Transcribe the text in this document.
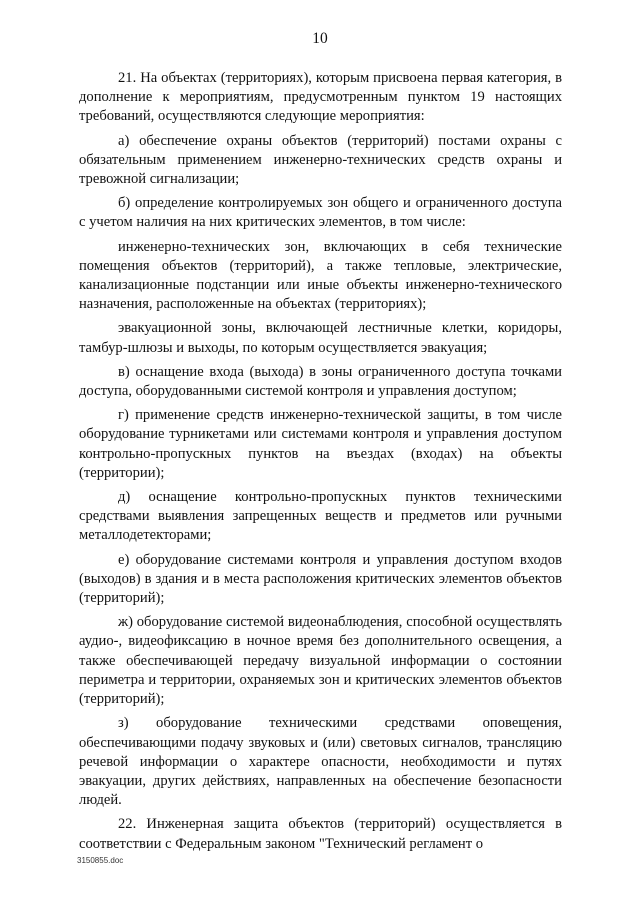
10

21. На объектах (территориях), которым присвоена первая категория, в дополнение к мероприятиям, предусмотренным пунктом 19 настоящих требований, осуществляются следующие мероприятия:

а) обеспечение охраны объектов (территорий) постами охраны с обязательным применением инженерно-технических средств охраны и тревожной сигнализации;

б) определение контролируемых зон общего и ограниченного доступа с учетом наличия на них критических элементов, в том числе:

инженерно-технических зон, включающих в себя технические помещения объектов (территорий), а также тепловые, электрические, канализационные подстанции или иные объекты инженерно-технического назначения, расположенные на объектах (территориях);

эвакуационной зоны, включающей лестничные клетки, коридоры, тамбур-шлюзы и выходы, по которым осуществляется эвакуация;

в) оснащение входа (выхода) в зоны ограниченного доступа точками доступа, оборудованными системой контроля и управления доступом;

г) применение средств инженерно-технической защиты, в том числе оборудование турникетами или системами контроля и управления доступом контрольно-пропускных пунктов на въездах (входах) на объекты (территории);

д) оснащение контрольно-пропускных пунктов техническими средствами выявления запрещенных веществ и предметов или ручными металлодетекторами;

е) оборудование системами контроля и управления доступом входов (выходов) в здания и в места расположения критических элементов объектов (территорий);

ж) оборудование системой видеонаблюдения, способной осуществлять аудио-, видеофиксацию в ночное время без дополнительного освещения, а также обеспечивающей передачу визуальной информации о состоянии периметра и территории, охраняемых зон и критических элементов объектов (территорий);

з) оборудование техническими средствами оповещения, обеспечивающими подачу звуковых и (или) световых сигналов, трансляцию речевой информации о характере опасности, необходимости и путях эвакуации, других действиях, направленных на обеспечение безопасности людей.

22. Инженерная защита объектов (территорий) осуществляется в соответствии с Федеральным законом "Технический регламент о

3150855.doc
